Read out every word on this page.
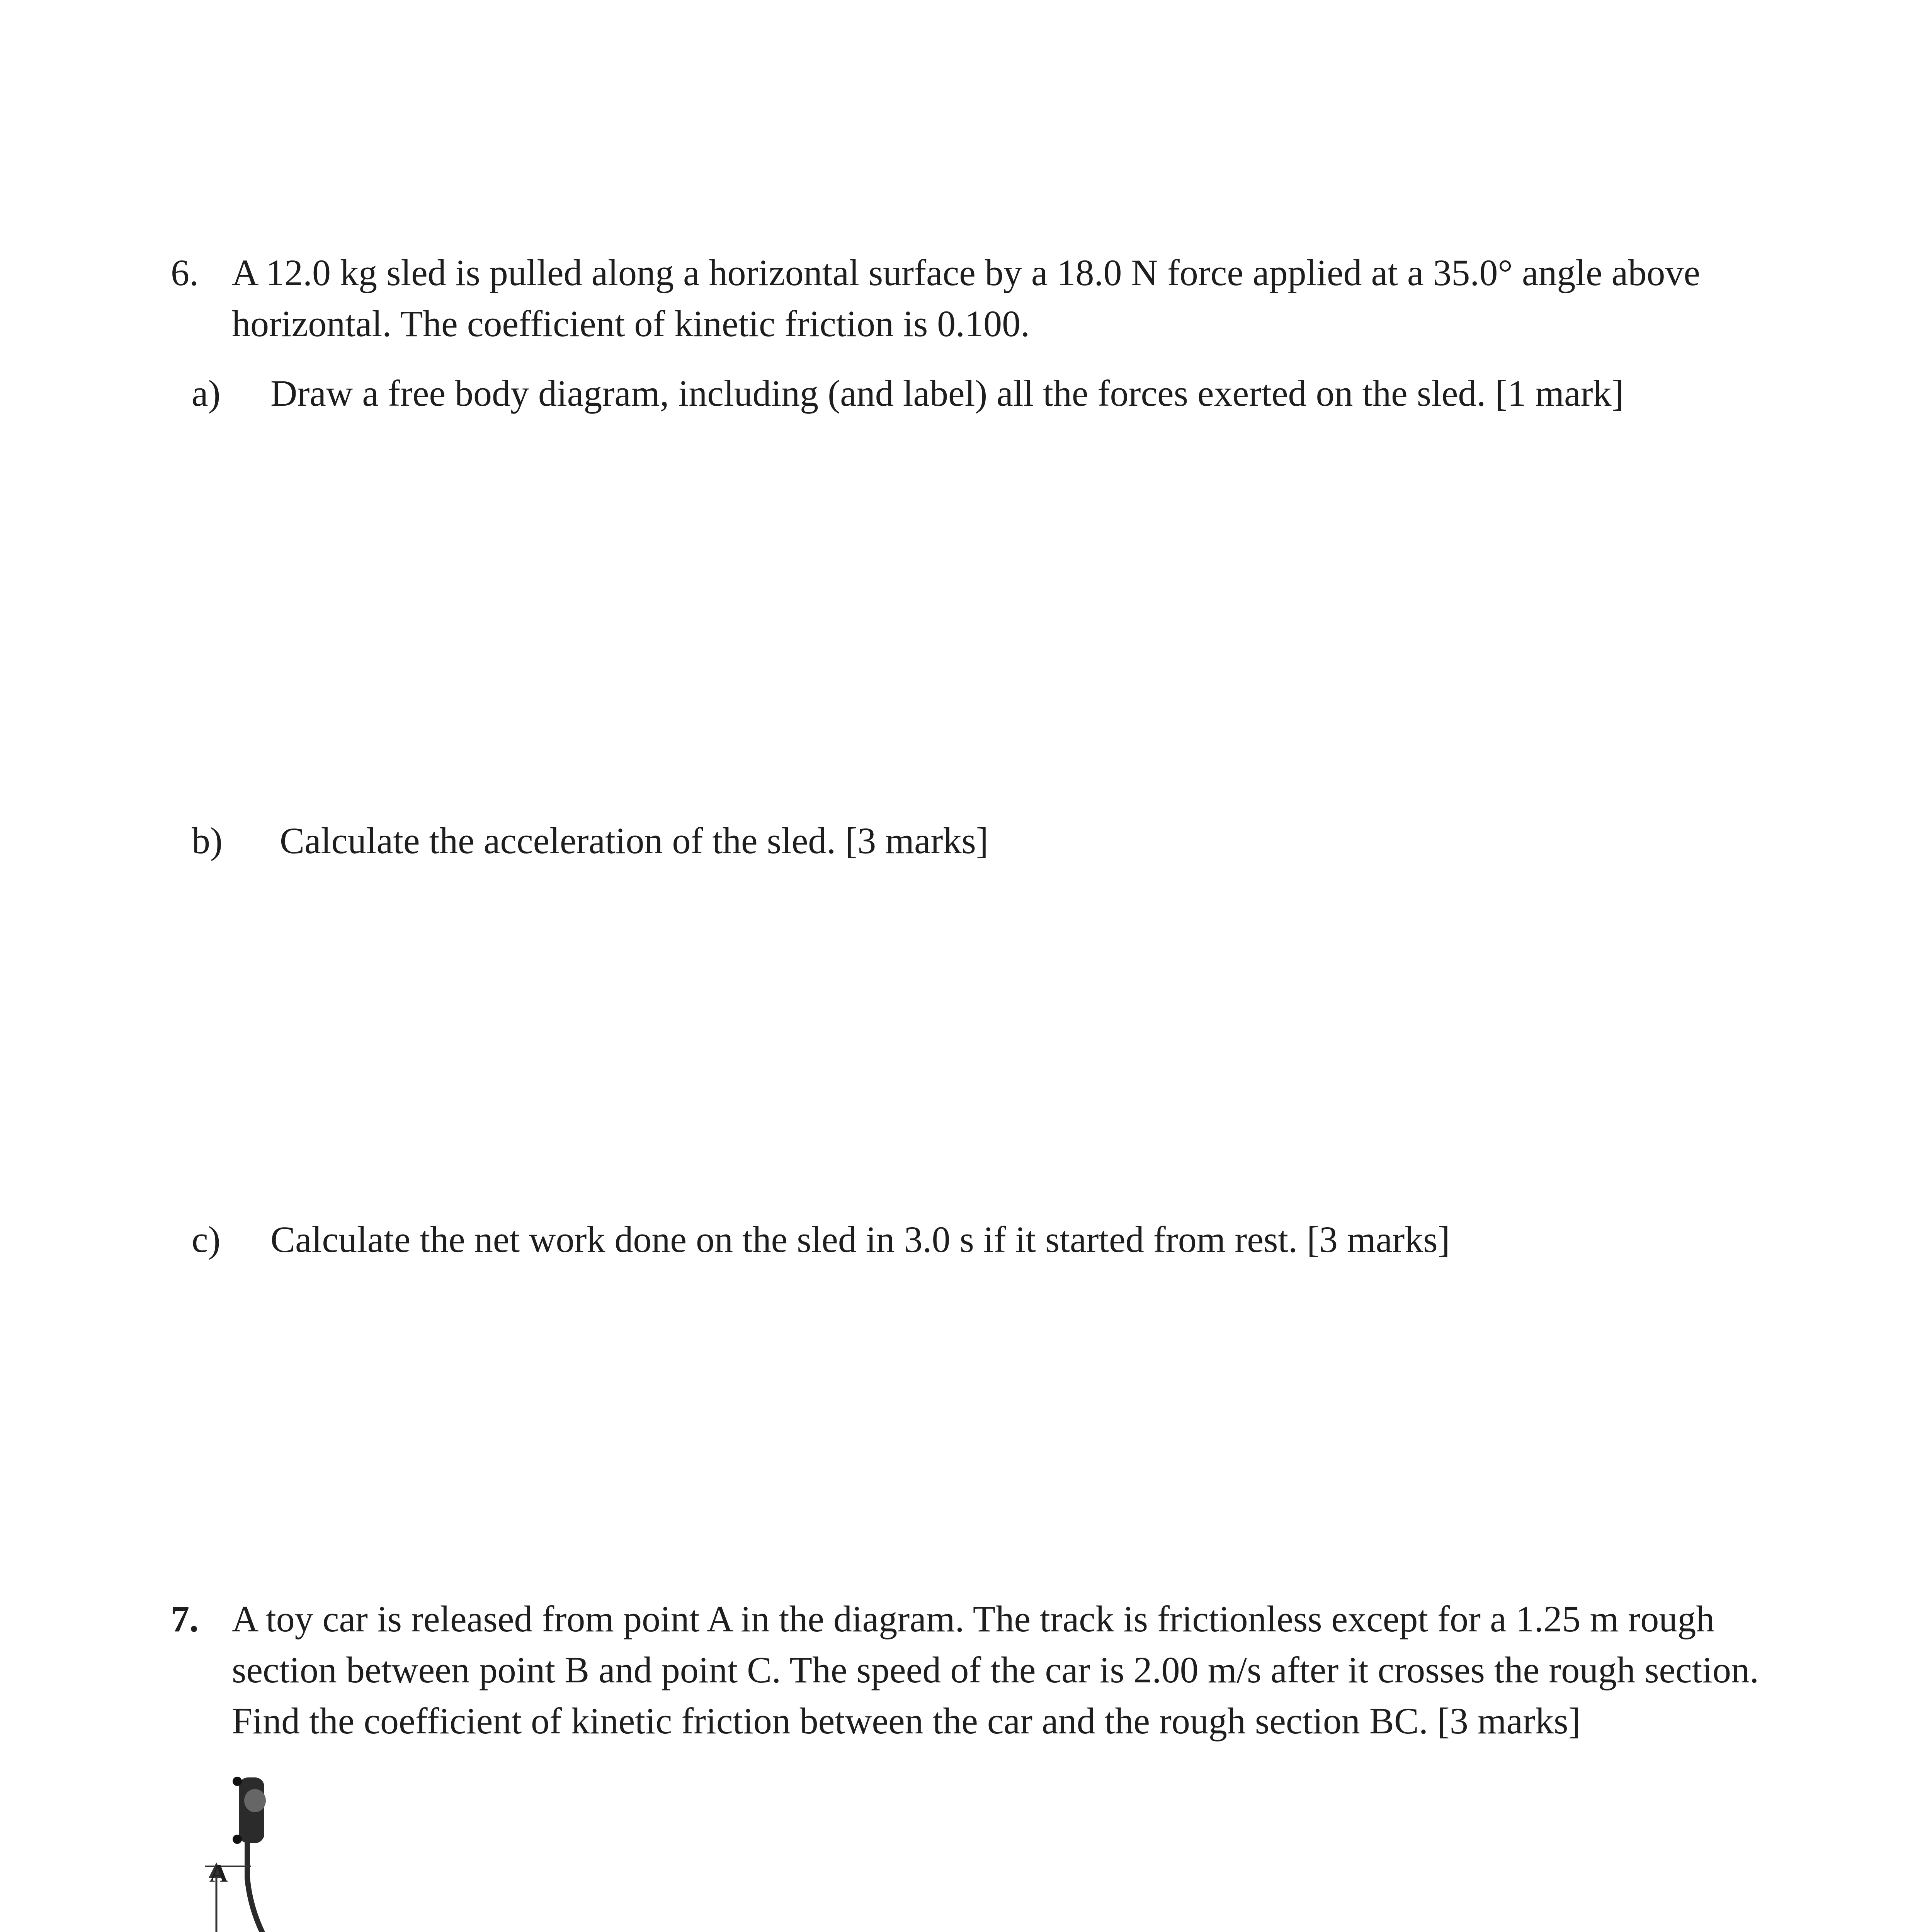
6. A 12.0 kg sled is pulled along a horizontal surface by a 18.0 N force applied at a 35.0° angle above
horizontal. The coefficient of kinetic friction is 0.100.
a) Draw a free body diagram, including (and label) all the forces exerted on the sled. [1 mark]
b) Calculate the acceleration of the sled. [3 marks]
c) Calculate the net work done on the sled in 3.0 s if it started from rest. [3 marks]
7. A toy car is released from point A in the diagram. The track is frictionless except for a 1.25 m rough
section between point B and point C. The speed of the car is 2.00 m/s after it crosses the rough section.
Find the coefficient of kinetic friction between the car and the rough section BC. [3 marks]
A
